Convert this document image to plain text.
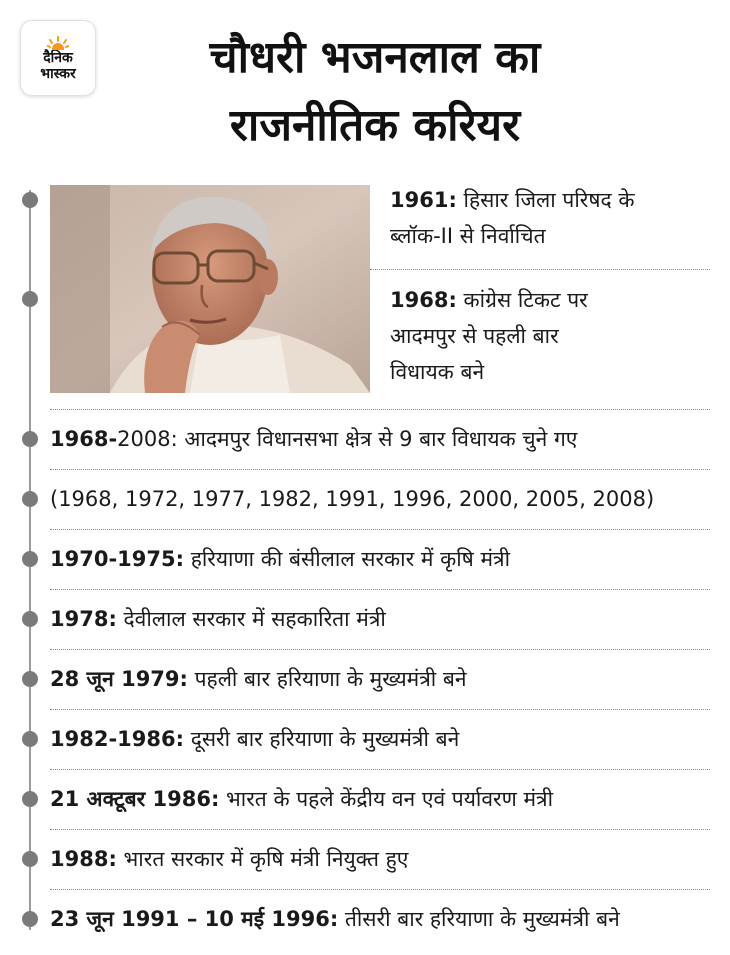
दैनिक
भास्कर	चौधरी भजनलाल का
राजनीतिक करियर
1961: हिसार जिला परिषद के
ब्लॉक-II से निर्वाचित
1968: कांग्रेस टिकट पर
आदमपुर से पहली बार
विधायक बने
1968-2008: आदमपुर विधानसभा क्षेत्र से 9 बार विधायक चुने गए
(1968, 1972, 1977, 1982, 1991, 1996, 2000, 2005, 2008)
1970-1975: हरियाणा की बंसीलाल सरकार में कृषि मंत्री
1978: देवीलाल सरकार में सहकारिता मंत्री
28 जून 1979: पहली बार हरियाणा के मुख्यमंत्री बने
1982-1986: दूसरी बार हरियाणा के मुख्यमंत्री बने
21 अक्टूबर 1986: भारत के पहले केंद्रीय वन एवं पर्यावरण मंत्री
1988: भारत सरकार में कृषि मंत्री नियुक्त हुए
23 जून 1991 – 10 मई 1996: तीसरी बार हरियाणा के मुख्यमंत्री बने
